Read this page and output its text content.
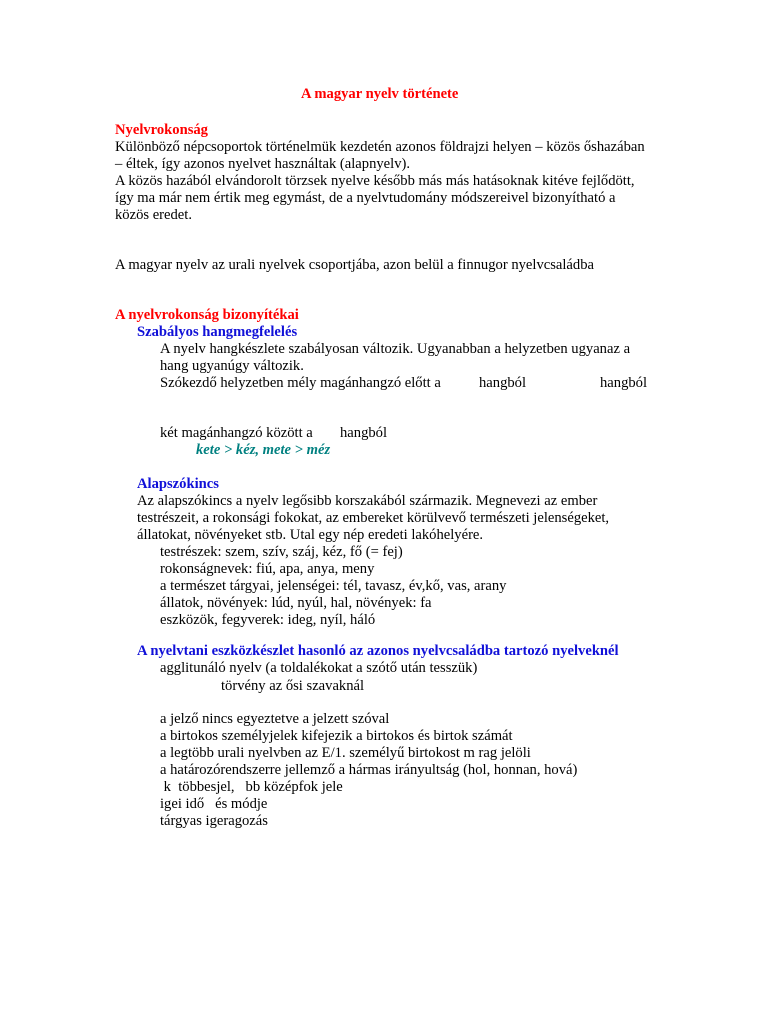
A magyar nyelv története

Nyelvrokonság

Különböző népcsoportok történelmük kezdetén azonos földrajzi helyen – közös őshazában

– éltek, így azonos nyelvet használtak (alapnyelv).

A közös hazából elvándorolt törzsek nyelve később más más hatásoknak kitéve fejlődött,

így ma már nem értik meg egymást, de a nyelvtudomány módszereivel bizonyítható a

közös eredet.

A magyar nyelv az urali nyelvek csoportjába, azon belül a finnugor nyelvcsaládba

A nyelvrokonság bizonyítékai

Szabályos hangmegfelelés

A nyelv hangkészlete szabályosan változik. Ugyanabban a helyzetben ugyanaz a

hang ugyanúgy változik.

Szókezdő helyzetben mély magánhangzó előtt a	hangból	hangból

két magánhangzó között a hangból

kete > kéz, mete > méz

Alapszókincs

Az alapszókincs a nyelv legősibb korszakából származik. Megnevezi az ember

testrészeit, a rokonsági fokokat, az embereket körülvevő természeti jelenségeket,

állatokat, növényeket stb. Utal egy nép eredeti lakóhelyére.

testrészek: szem, szív, száj, kéz, fő (= fej)

rokonságnevek: fiú, apa, anya, meny

a természet tárgyai, jelenségei: tél, tavasz, év,kő, vas, arany

állatok, növények: lúd, nyúl, hal, növények: fa

eszközök, fegyverek: ideg, nyíl, háló

A nyelvtani eszközkészlet hasonló az azonos nyelvcsaládba tartozó nyelveknél

agglitunáló nyelv (a toldalékokat a szótő után tesszük)

törvény az ősi szavaknál

a jelző nincs egyeztetve a jelzett szóval

a birtokos személyjelek kifejezik a birtokos és birtok számát

a legtöbb urali nyelvben az E/1. személyű birtokost m rag jelöli

a határozórendszerre jellemző a hármas irányultság (hol, honnan, hová)

k  többesjel,   bb középfok jele

igei idő   és módje

tárgyas igeragozás
